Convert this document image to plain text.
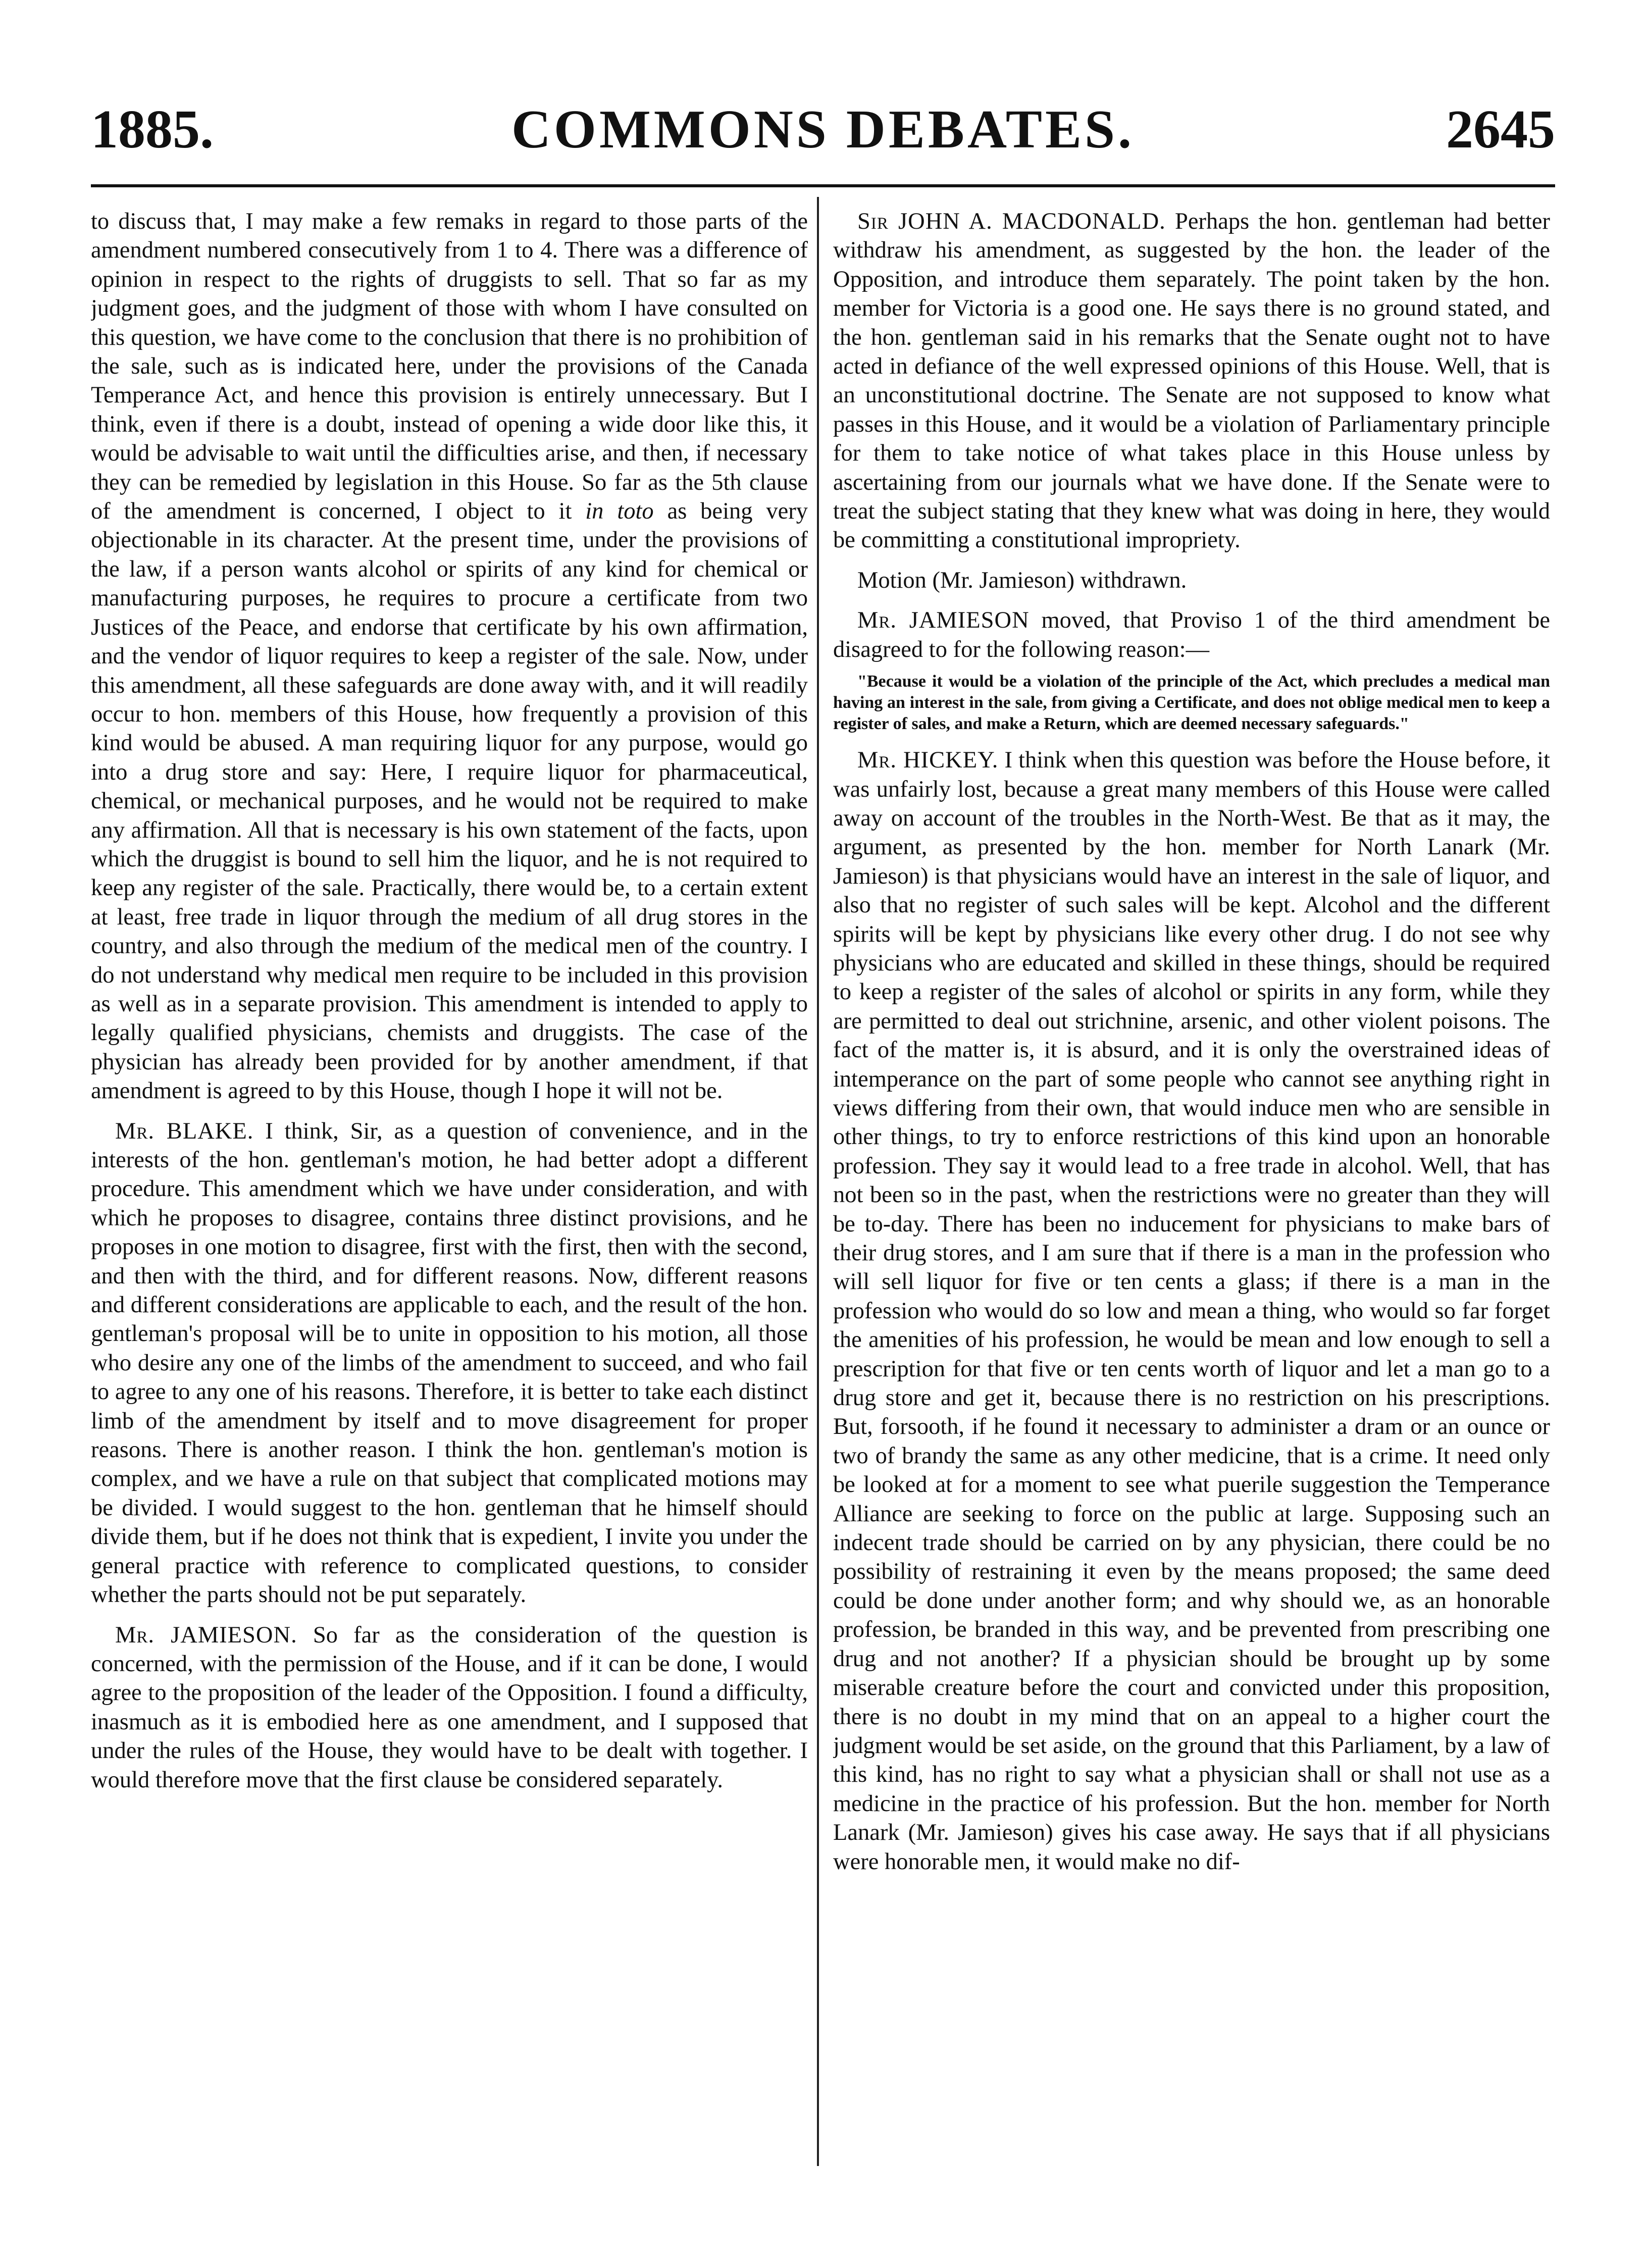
1885.	COMMONS DEBATES.	2645

to discuss that, I may make a few remaks in regard to those parts of the amendment numbered consecutively from 1 to 4. There was a difference of opinion in respect to the rights of druggists to sell. That so far as my judgment goes, and the judgment of those with whom I have consulted on this question, we have come to the conclusion that there is no prohibition of the sale, such as is indicated here, under the provisions of the Canada Temperance Act, and hence this provision is entirely unnecessary. But I think, even if there is a doubt, instead of opening a wide door like this, it would be advisable to wait until the difficulties arise, and then, if necessary they can be remedied by legislation in this House. So far as the 5th clause of the amendment is concerned, I object to it in toto as being very objectionable in its character. At the present time, under the provisions of the law, if a person wants alcohol or spirits of any kind for chemical or manufacturing purposes, he requires to procure a certificate from two Justices of the Peace, and endorse that certificate by his own affirmation, and the vendor of liquor requires to keep a register of the sale. Now, under this amendment, all these safeguards are done away with, and it will readily occur to hon. members of this House, how frequently a provision of this kind would be abused. A man requiring liquor for any purpose, would go into a drug store and say: Here, I require liquor for pharmaceutical, chemical, or mechanical purposes, and he would not be required to make any affirmation. All that is necessary is his own statement of the facts, upon which the druggist is bound to sell him the liquor, and he is not required to keep any register of the sale. Practically, there would be, to a certain extent at least, free trade in liquor through the medium of all drug stores in the country, and also through the medium of the medical men of the country. I do not understand why medical men require to be included in this provision as well as in a separate provision. This amendment is intended to apply to legally qualified physicians, chemists and druggists. The case of the physician has already been provided for by another amendment, if that amendment is agreed to by this House, though I hope it will not be.

Mr. BLAKE. I think, Sir, as a question of convenience, and in the interests of the hon. gentleman's motion, he had better adopt a different procedure. This amendment which we have under consideration, and with which he proposes to disagree, contains three distinct provisions, and he proposes in one motion to disagree, first with the first, then with the second, and then with the third, and for different reasons. Now, different reasons and different considerations are applicable to each, and the result of the hon. gentleman's proposal will be to unite in opposition to his motion, all those who desire any one of the limbs of the amendment to succeed, and who fail to agree to any one of his reasons. Therefore, it is better to take each distinct limb of the amendment by itself and to move disagreement for proper reasons. There is another reason. I think the hon. gentleman's motion is complex, and we have a rule on that subject that complicated motions may be divided. I would suggest to the hon. gentleman that he himself should divide them, but if he does not think that is expedient, I invite you under the general practice with reference to complicated questions, to consider whether the parts should not be put separately.

Mr. JAMIESON. So far as the consideration of the question is concerned, with the permission of the House, and if it can be done, I would agree to the proposition of the leader of the Opposition. I found a difficulty, inasmuch as it is embodied here as one amendment, and I supposed that under the rules of the House, they would have to be dealt with together. I would therefore move that the first clause be considered separately.

Sir JOHN A. MACDONALD. Perhaps the hon. gentleman had better withdraw his amendment, as suggested by the hon. the leader of the Opposition, and introduce them separately. The point taken by the hon. member for Victoria is a good one. He says there is no ground stated, and the hon. gentleman said in his remarks that the Senate ought not to have acted in defiance of the well expressed opinions of this House. Well, that is an unconstitutional doctrine. The Senate are not supposed to know what passes in this House, and it would be a violation of Parliamentary principle for them to take notice of what takes place in this House unless by ascertaining from our journals what we have done. If the Senate were to treat the subject stating that they knew what was doing in here, they would be committing a constitutional impropriety.

Motion (Mr. Jamieson) withdrawn.

Mr. JAMIESON moved, that Proviso 1 of the third amendment be disagreed to for the following reason:—

"Because it would be a violation of the principle of the Act, which precludes a medical man having an interest in the sale, from giving a Certificate, and does not oblige medical men to keep a register of sales, and make a Return, which are deemed necessary safeguards."

Mr. HICKEY. I think when this question was before the House before, it was unfairly lost, because a great many members of this House were called away on account of the troubles in the North-West. Be that as it may, the argument, as presented by the hon. member for North Lanark (Mr. Jamieson) is that physicians would have an interest in the sale of liquor, and also that no register of such sales will be kept. Alcohol and the different spirits will be kept by physicians like every other drug. I do not see why physicians who are educated and skilled in these things, should be required to keep a register of the sales of alcohol or spirits in any form, while they are permitted to deal out strichnine, arsenic, and other violent poisons. The fact of the matter is, it is absurd, and it is only the overstrained ideas of intemperance on the part of some people who cannot see anything right in views differing from their own, that would induce men who are sensible in other things, to try to enforce restrictions of this kind upon an honorable profession. They say it would lead to a free trade in alcohol. Well, that has not been so in the past, when the restrictions were no greater than they will be to-day. There has been no inducement for physicians to make bars of their drug stores, and I am sure that if there is a man in the profession who will sell liquor for five or ten cents a glass; if there is a man in the profession who would do so low and mean a thing, who would so far forget the amenities of his profession, he would be mean and low enough to sell a prescription for that five or ten cents worth of liquor and let a man go to a drug store and get it, because there is no restriction on his prescriptions. But, forsooth, if he found it necessary to administer a dram or an ounce or two of brandy the same as any other medicine, that is a crime. It need only be looked at for a moment to see what puerile suggestion the Temperance Alliance are seeking to force on the public at large. Supposing such an indecent trade should be carried on by any physician, there could be no possibility of restraining it even by the means proposed; the same deed could be done under another form; and why should we, as an honorable profession, be branded in this way, and be prevented from prescribing one drug and not another? If a physician should be brought up by some miserable creature before the court and convicted under this proposition, there is no doubt in my mind that on an appeal to a higher court the judgment would be set aside, on the ground that this Parliament, by a law of this kind, has no right to say what a physician shall or shall not use as a medicine in the practice of his profession. But the hon. member for North Lanark (Mr. Jamieson) gives his case away. He says that if all physicians were honorable men, it would make no dif-
